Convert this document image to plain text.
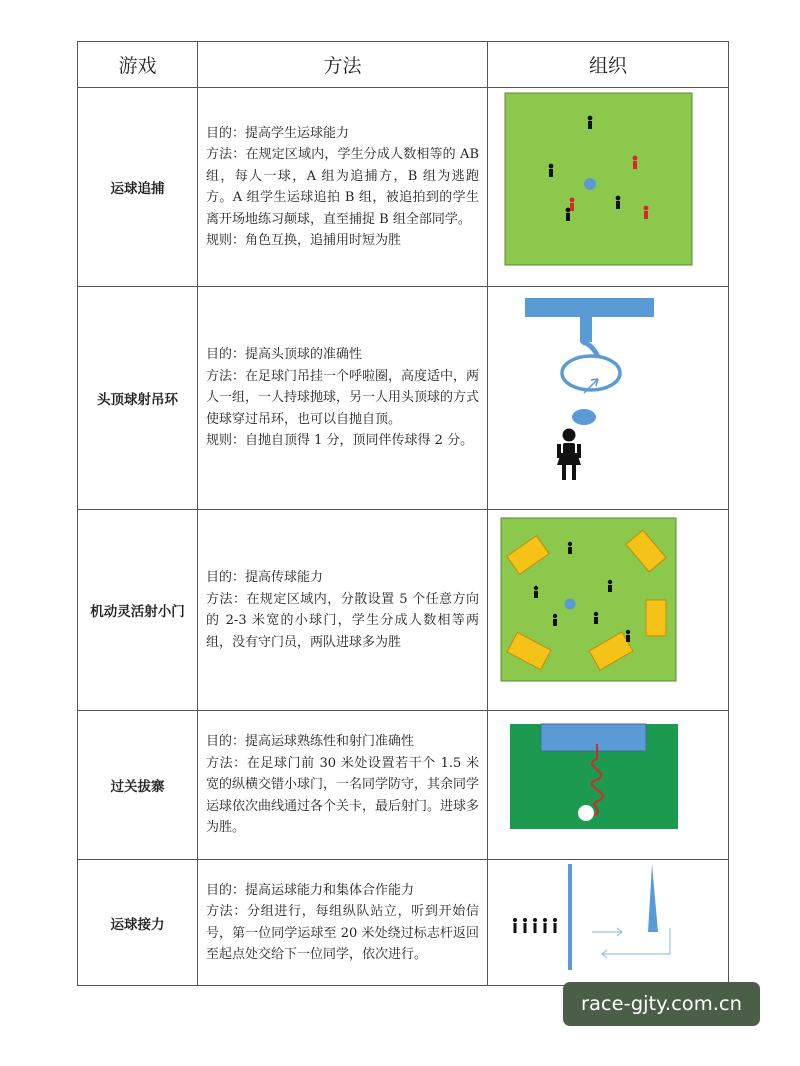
游戏	方法	组织
运球追捕	目的：提高学生运球能力

方法：在规定区域内，学生分成人数相等的 AB 组，每人一球，A 组为追捕方，B 组为逃跑方。A 组学生运球追拍 B 组，被追拍到的学生离开场地练习颠球，直至捕捉 B 组全部同学。

规则：角色互换，追捕用时短为胜

头顶球射吊环	目的：提高头顶球的准确性

方法：在足球门吊挂一个呼啦圈，高度适中，两人一组，一人持球抛球，另一人用头顶球的方式使球穿过吊环，也可以自抛自顶。

规则：自抛自顶得 1 分，顶同伴传球得 2 分。

机动灵活射小门	目的：提高传球能力

方法：在规定区域内，分散设置 5 个任意方向的 2-3 米宽的小球门，学生分成人数相等两组，没有守门员，两队进球多为胜

过关拔寨	目的：提高运球熟练性和射门准确性

方法：在足球门前 30 米处设置若干个 1.5 米宽的纵横交错小球门，一名同学防守，其余同学运球依次曲线通过各个关卡，最后射门。进球多为胜。

运球接力	目的：提高运球能力和集体合作能力

方法：分组进行，每组纵队站立，听到开始信号，第一位同学运球至 20 米处绕过标志杆返回至起点处交给下一位同学，依次进行。

race-gjty.com.cn
